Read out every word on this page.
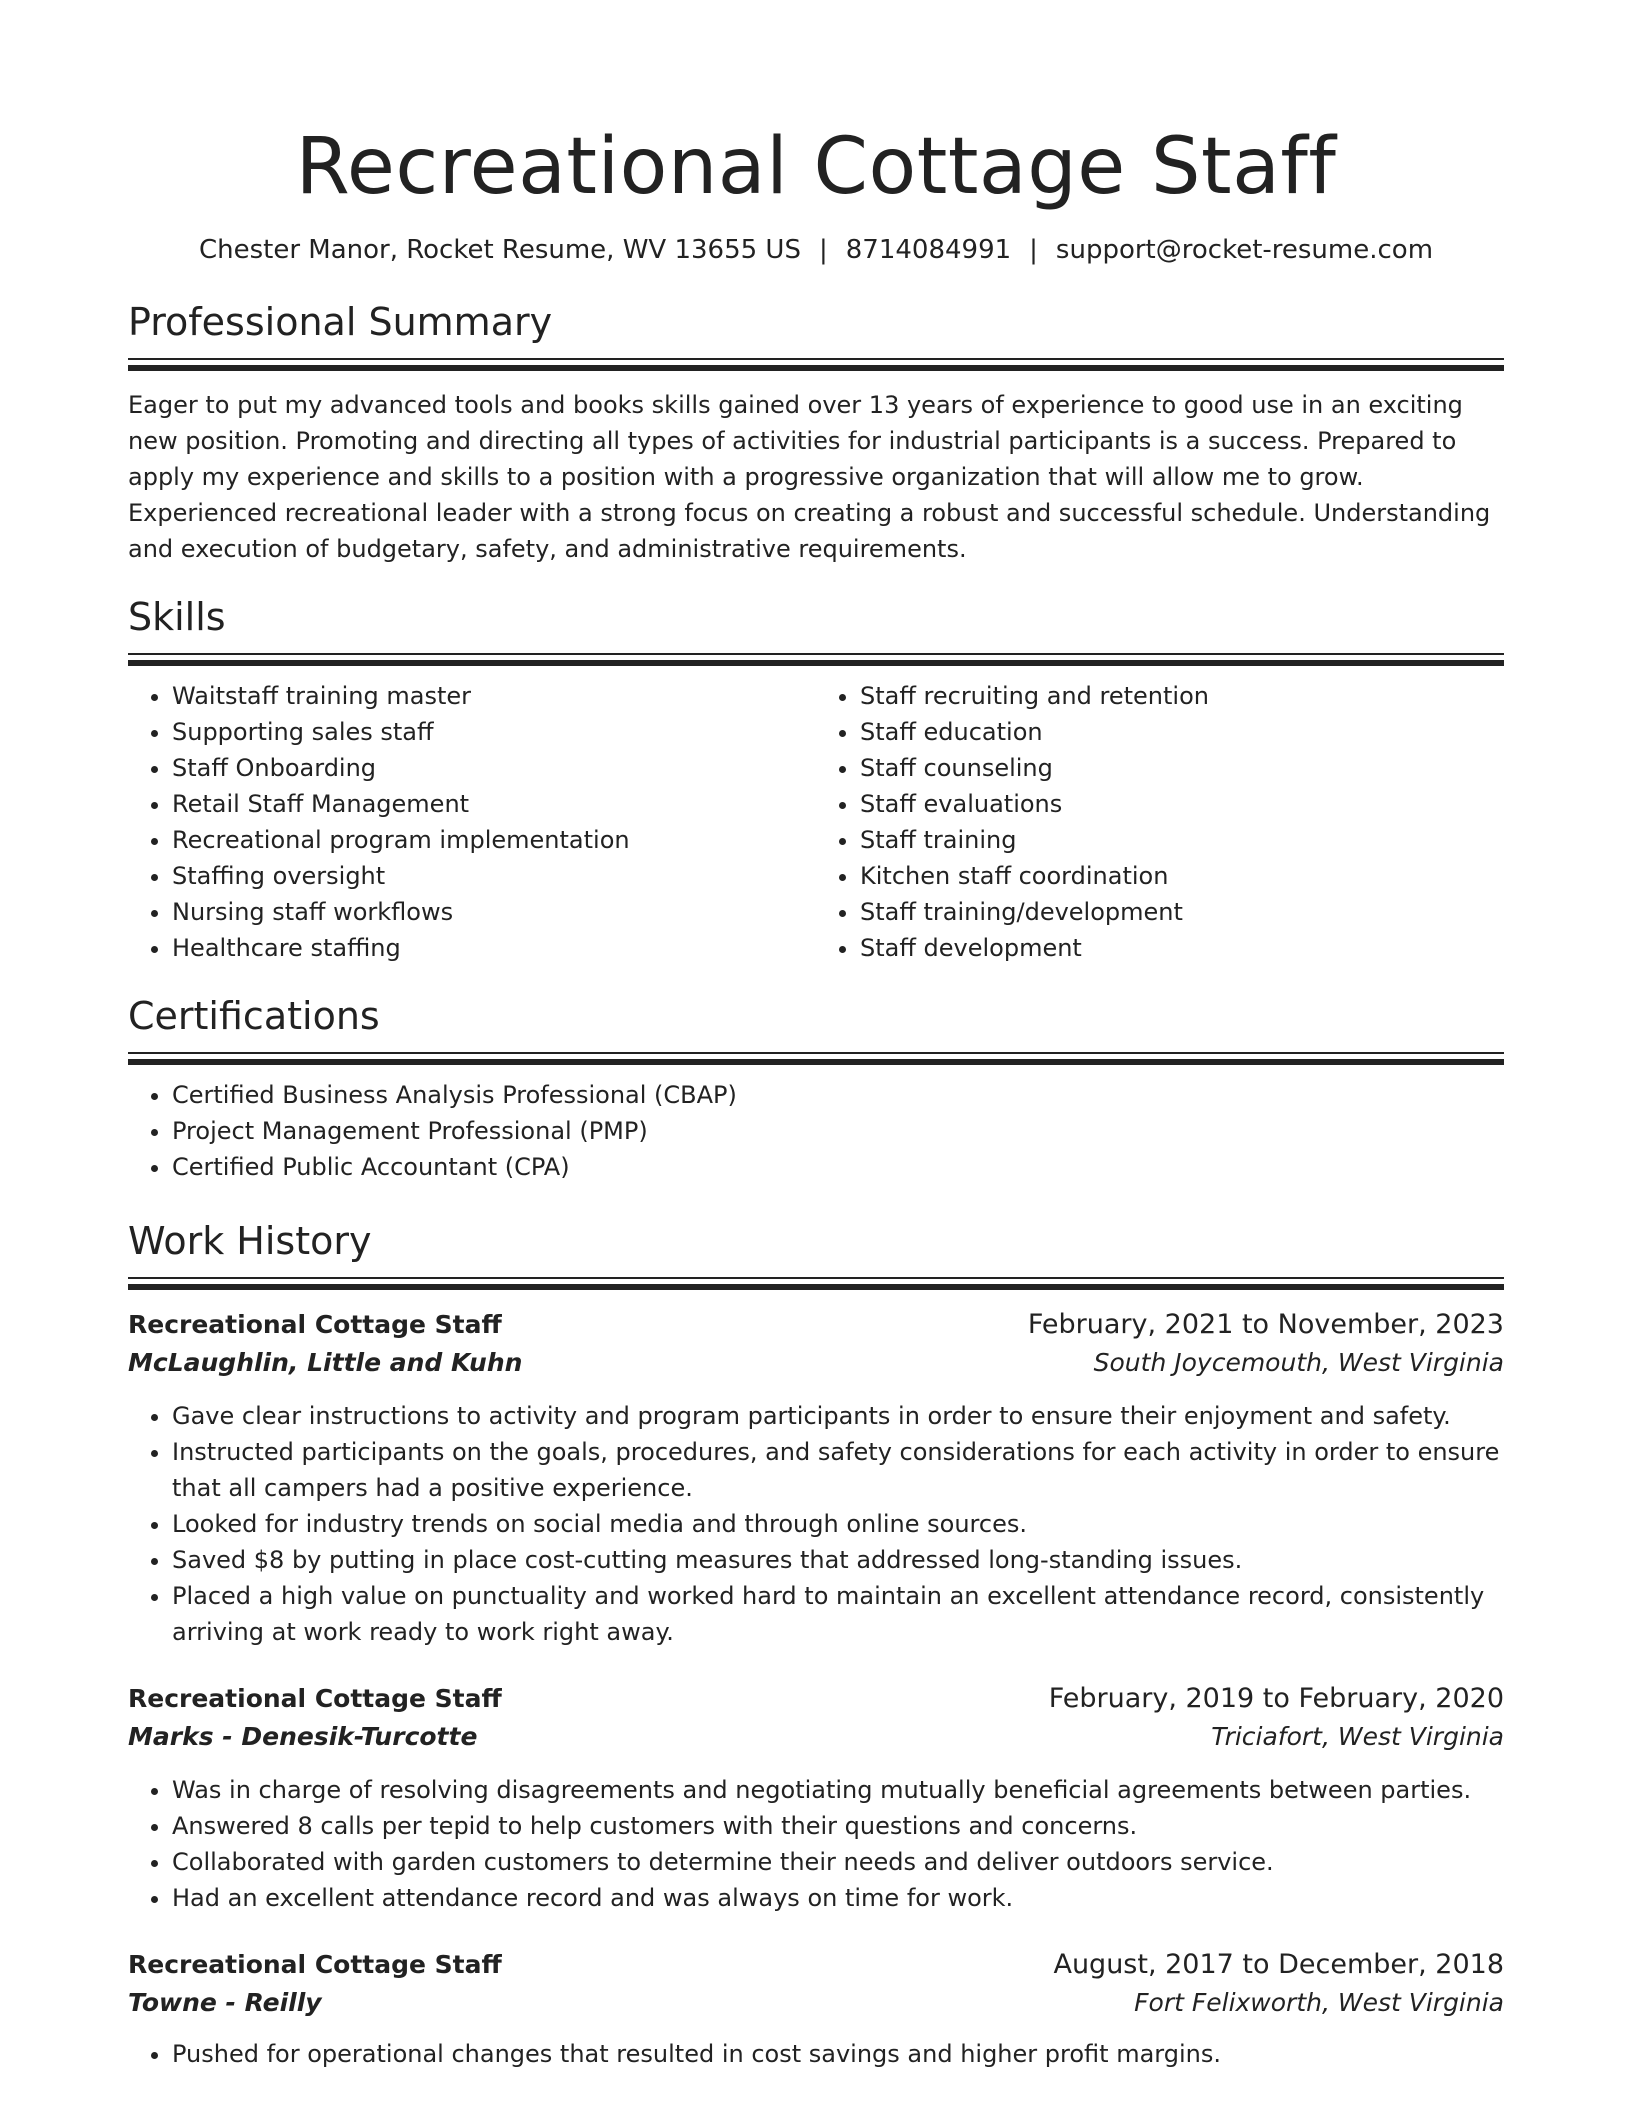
Recreational Cottage Staff
Chester Manor, Rocket Resume, WV 13655 US | 8714084991 | support@rocket-resume.com
Professional Summary

Eager to put my advanced tools and books skills gained over 13 years of experience to good use in an exciting new position. Promoting and directing all types of activities for industrial participants is a success. Prepared to apply my experience and skills to a position with a progressive organization that will allow me to grow. Experienced recreational leader with a strong focus on creating a robust and successful schedule. Understanding and execution of budgetary, safety, and administrative requirements.

Skills
• Waitstaff training master
• Supporting sales staff
• Staff Onboarding
• Retail Staff Management
• Recreational program implementation
• Staffing oversight
• Nursing staff workflows
• Healthcare staffing
• Staff recruiting and retention
• Staff education
• Staff counseling
• Staff evaluations
• Staff training
• Kitchen staff coordination
• Staff training/development
• Staff development
Certifications
• Certified Business Analysis Professional (CBAP)
• Project Management Professional (PMP)
• Certified Public Accountant (CPA)
Work History
Recreational Cottage Staff	February, 2021 to November, 2023
McLaughlin, Little and Kuhn	South Joycemouth, West Virginia
• Gave clear instructions to activity and program participants in order to ensure their enjoyment and safety.
• Instructed participants on the goals, procedures, and safety considerations for each activity in order to ensure that all campers had a positive experience.
• Looked for industry trends on social media and through online sources.
• Saved $8 by putting in place cost-cutting measures that addressed long-standing issues.
• Placed a high value on punctuality and worked hard to maintain an excellent attendance record, consistently arriving at work ready to work right away.
Recreational Cottage Staff	February, 2019 to February, 2020
Marks - Denesik-Turcotte	Triciafort, West Virginia
• Was in charge of resolving disagreements and negotiating mutually beneficial agreements between parties.
• Answered 8 calls per tepid to help customers with their questions and concerns.
• Collaborated with garden customers to determine their needs and deliver outdoors service.
• Had an excellent attendance record and was always on time for work.
Recreational Cottage Staff	August, 2017 to December, 2018
Towne - Reilly	Fort Felixworth, West Virginia
• Pushed for operational changes that resulted in cost savings and higher profit margins.
